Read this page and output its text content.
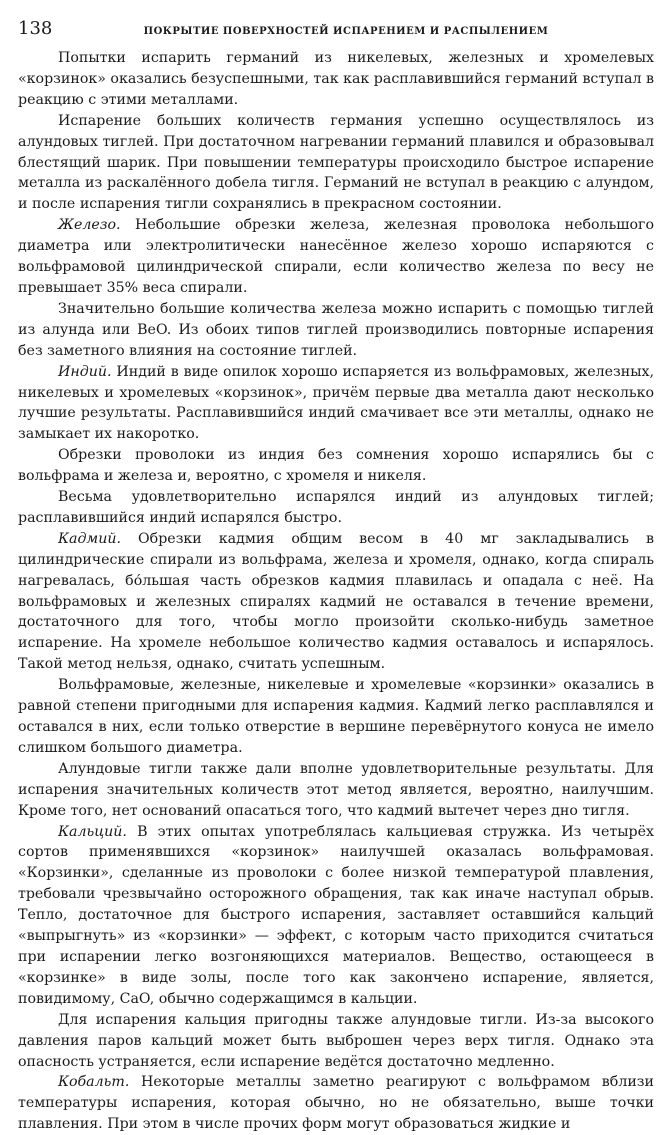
138	ПОКРЫТИЕ ПОВЕРХНОСТЕЙ ИСПАРЕНИЕМ И РАСПЫЛЕНИЕМ

Попытки испарить германий из никелевых, железных и хромелевых «корзинок» оказались безуспешными, так как расплавившийся германий вступал в реакцию с этими металлами.

Испарение больших количеств германия успешно осуществлялось из алундовых тиглей. При достаточном нагревании германий плавился и образовывал блестящий шарик. При повышении температуры происходило быстрое испарение металла из раскалённого добела тигля. Германий не вступал в реакцию с алундом, и после испарения тигли сохранялись в прекрасном состоянии.

Железо. Небольшие обрезки железа, железная проволока небольшого диаметра или электролитически нанесённое железо хорошо испаряются с вольфрамовой цилиндрической спирали, если количество железа по весу не превышает 35% веса спирали.

Значительно большие количества железа можно испарить с помощью тиглей из алунда или BeO. Из обоих типов тиглей производились повторные испарения без заметного влияния на состояние тиглей.

Индий. Индий в виде опилок хорошо испаряется из вольфрамовых, железных, никелевых и хромелевых «корзинок», причём первые два металла дают несколько лучшие результаты. Расплавившийся индий смачивает все эти металлы, однако не замыкает их накоротко.

Обрезки проволоки из индия без сомнения хорошо испарялись бы с вольфрама и железа и, вероятно, с хромеля и никеля.

Весьма удовлетворительно испарялся индий из алундовых тиглей; расплавившийся индий испарялся быстро.

Кадмий. Обрезки кадмия общим весом в 40 мг закладывались в цилиндрические спирали из вольфрама, железа и хромеля, однако, когда спираль нагревалась, бо́льшая часть обрезков кадмия плавилась и опадала с неё. На вольфрамовых и железных спиралях кадмий не оставался в течение времени, достаточного для того, чтобы могло произойти сколько-нибудь заметное испарение. На хромеле небольшое количество кадмия оставалось и испарялось. Такой метод нельзя, однако, считать успешным.

Вольфрамовые, железные, никелевые и хромелевые «корзинки» оказались в равной степени пригодными для испарения кадмия. Кадмий легко расплавлялся и оставался в них, если только отверстие в вершине перевёрнутого конуса не имело слишком большого диаметра.

Алундовые тигли также дали вполне удовлетворительные результаты. Для испарения значительных количеств этот метод является, вероятно, наилучшим. Кроме того, нет оснований опасаться того, что кадмий вытечет через дно тигля.

Кальций. В этих опытах употреблялась кальциевая стружка. Из четырёх сортов применявшихся «корзинок» наилучшей оказалась вольфрамовая. «Корзинки», сделанные из проволоки с более низкой температурой плавления, требовали чрезвычайно осторожного обращения, так как иначе наступал обрыв. Тепло, достаточное для быстрого испарения, заставляет оставшийся кальций «выпрыгнуть» из «корзинки» — эффект, с которым часто приходится считаться при испарении легко возгоняющихся материалов. Вещество, остающееся в «корзинке» в виде золы, после того как закончено испарение, является, повидимому, CaO, обычно содержащимся в кальции.

Для испарения кальция пригодны также алундовые тигли. Из-за высокого давления паров кальций может быть выброшен через верх тигля. Однако эта опасность устраняется, если испарение ведётся достаточно медленно.

Кобальт. Некоторые металлы заметно реагируют с вольфрамом вблизи температуры испарения, которая обычно, но не обязательно, выше точки плавления. При этом в числе прочих форм могут образоваться жидкие и
